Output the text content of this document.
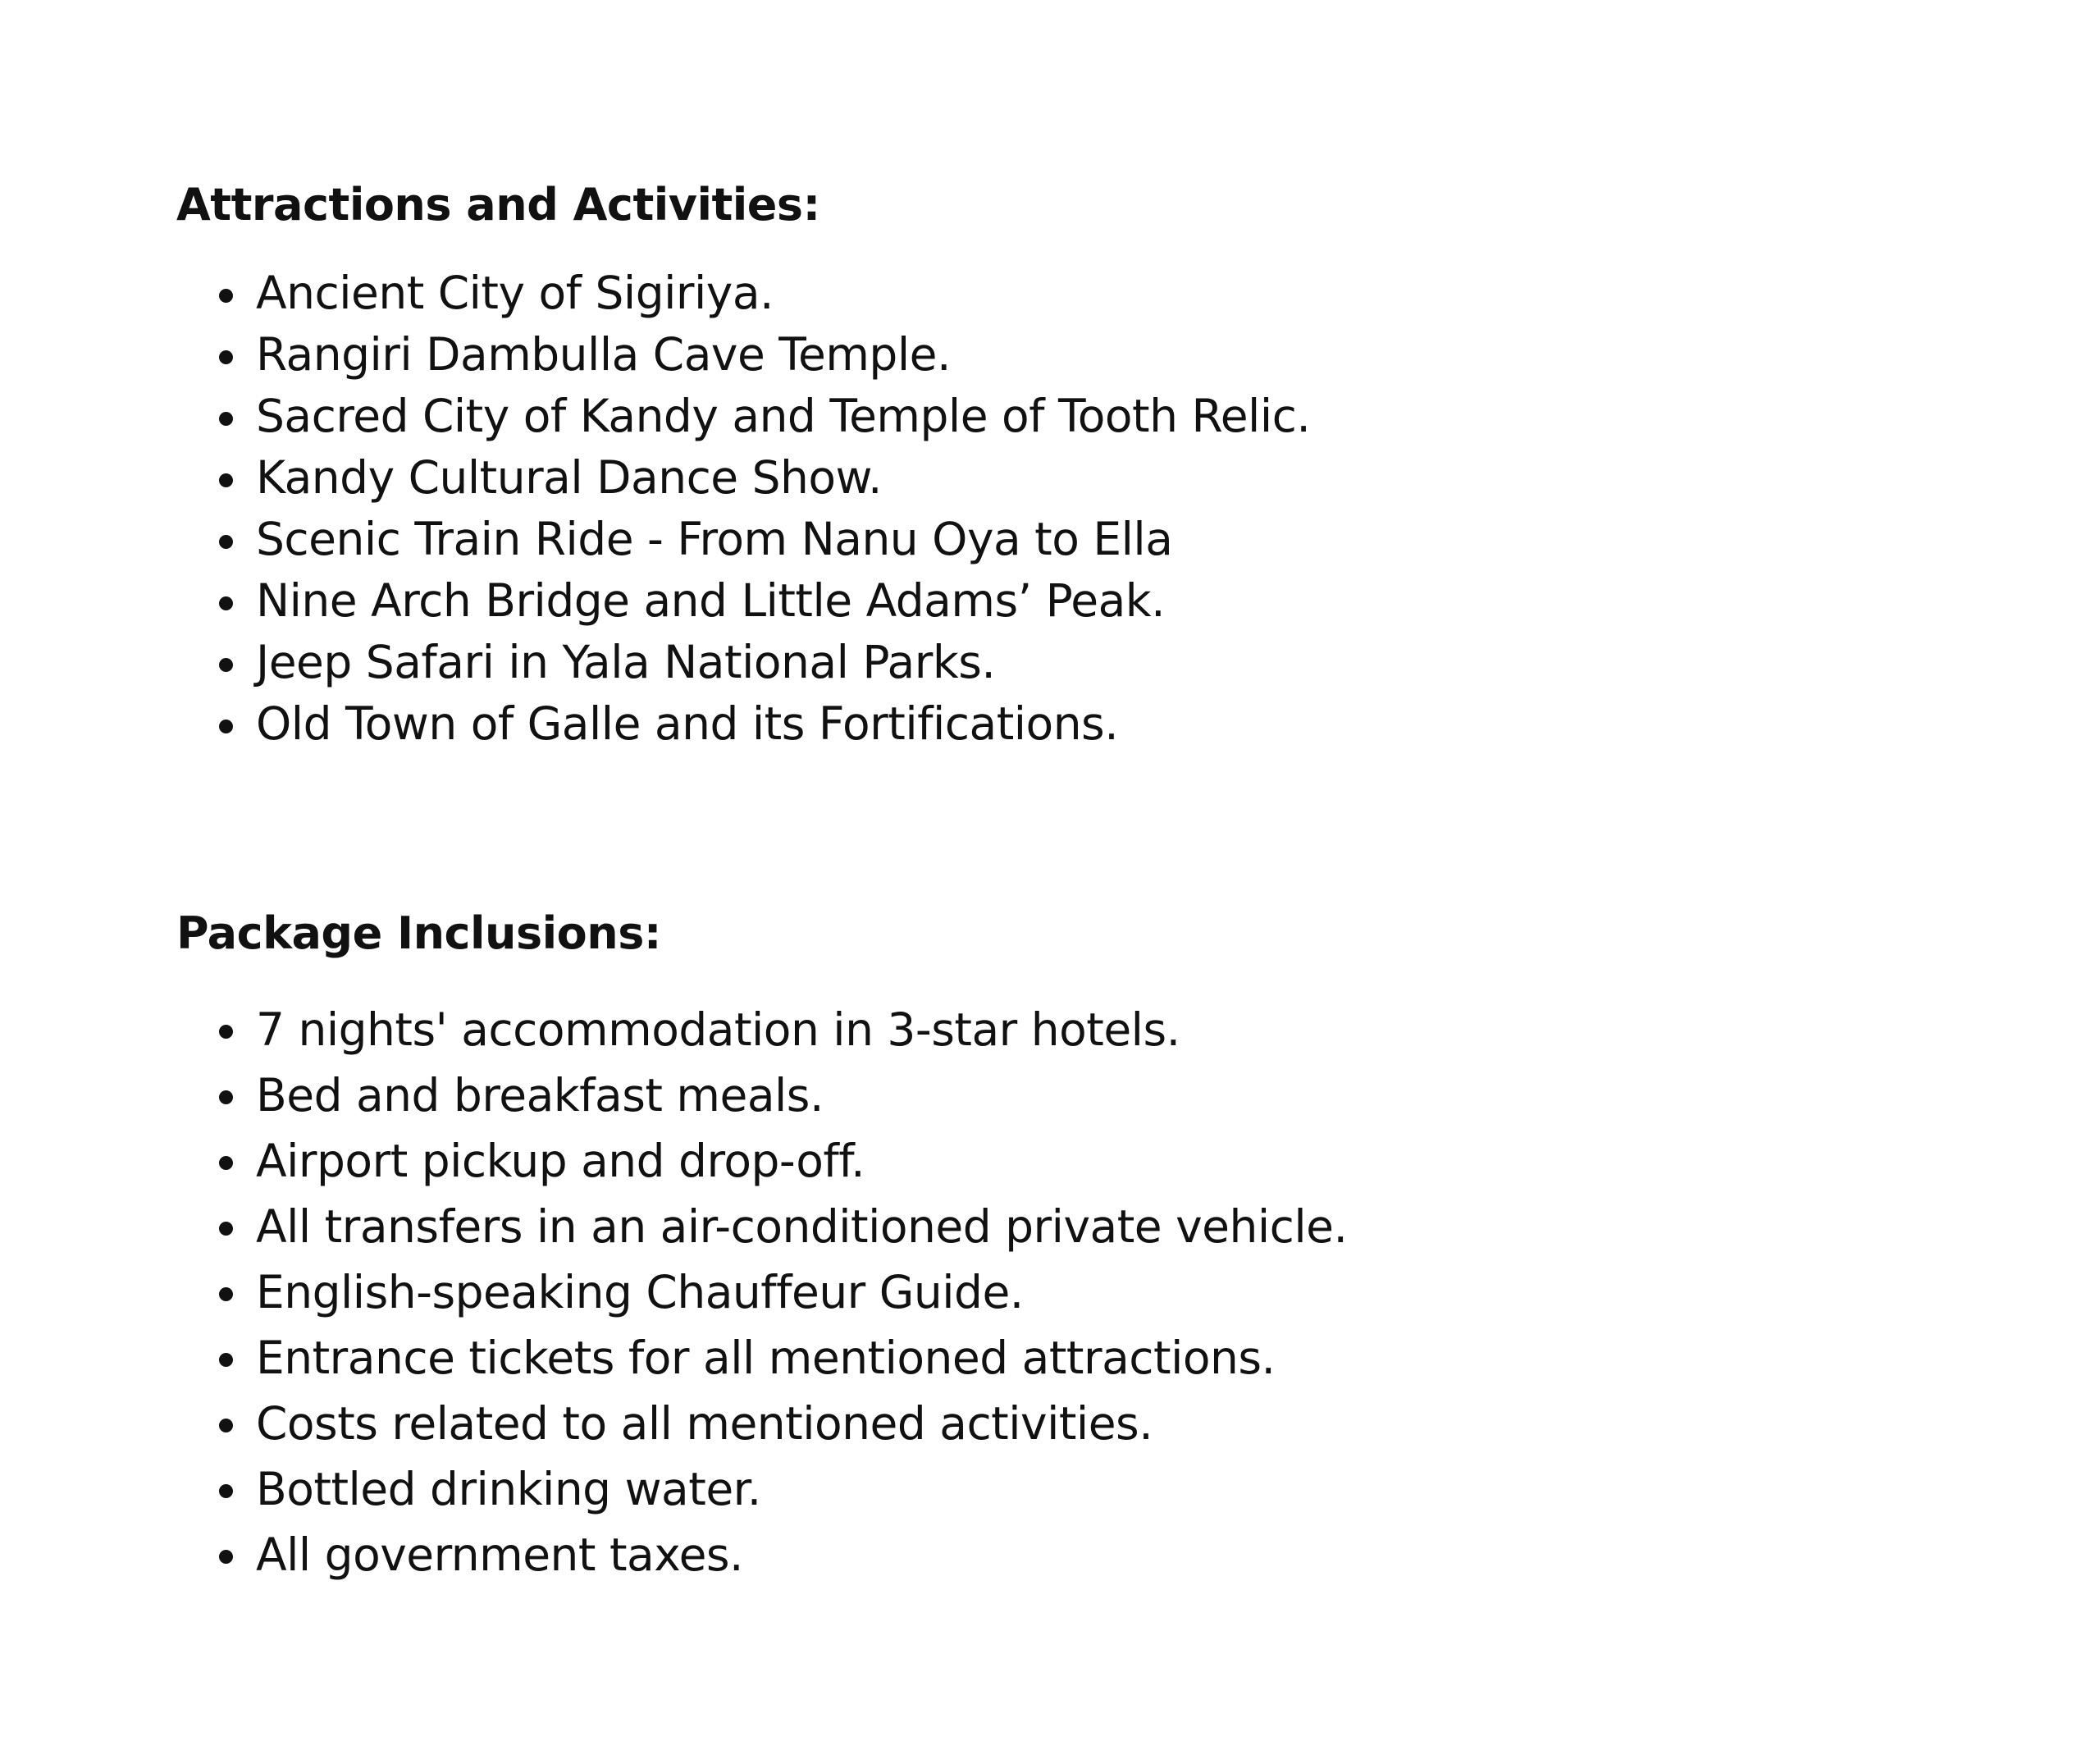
Attractions and Activities:
Ancient City of Sigiriya.
Rangiri Dambulla Cave Temple.
Sacred City of Kandy and Temple of Tooth Relic.
Kandy Cultural Dance Show.
Scenic Train Ride - From Nanu Oya to Ella
Nine Arch Bridge and Little Adams’ Peak.
Jeep Safari in Yala National Parks.
Old Town of Galle and its Fortifications.
Package Inclusions:
7 nights' accommodation in 3-star hotels.
Bed and breakfast meals.
Airport pickup and drop-off.
All transfers in an air-conditioned private vehicle.
English-speaking Chauffeur Guide.
Entrance tickets for all mentioned attractions.
Costs related to all mentioned activities.
Bottled drinking water.
All government taxes.
